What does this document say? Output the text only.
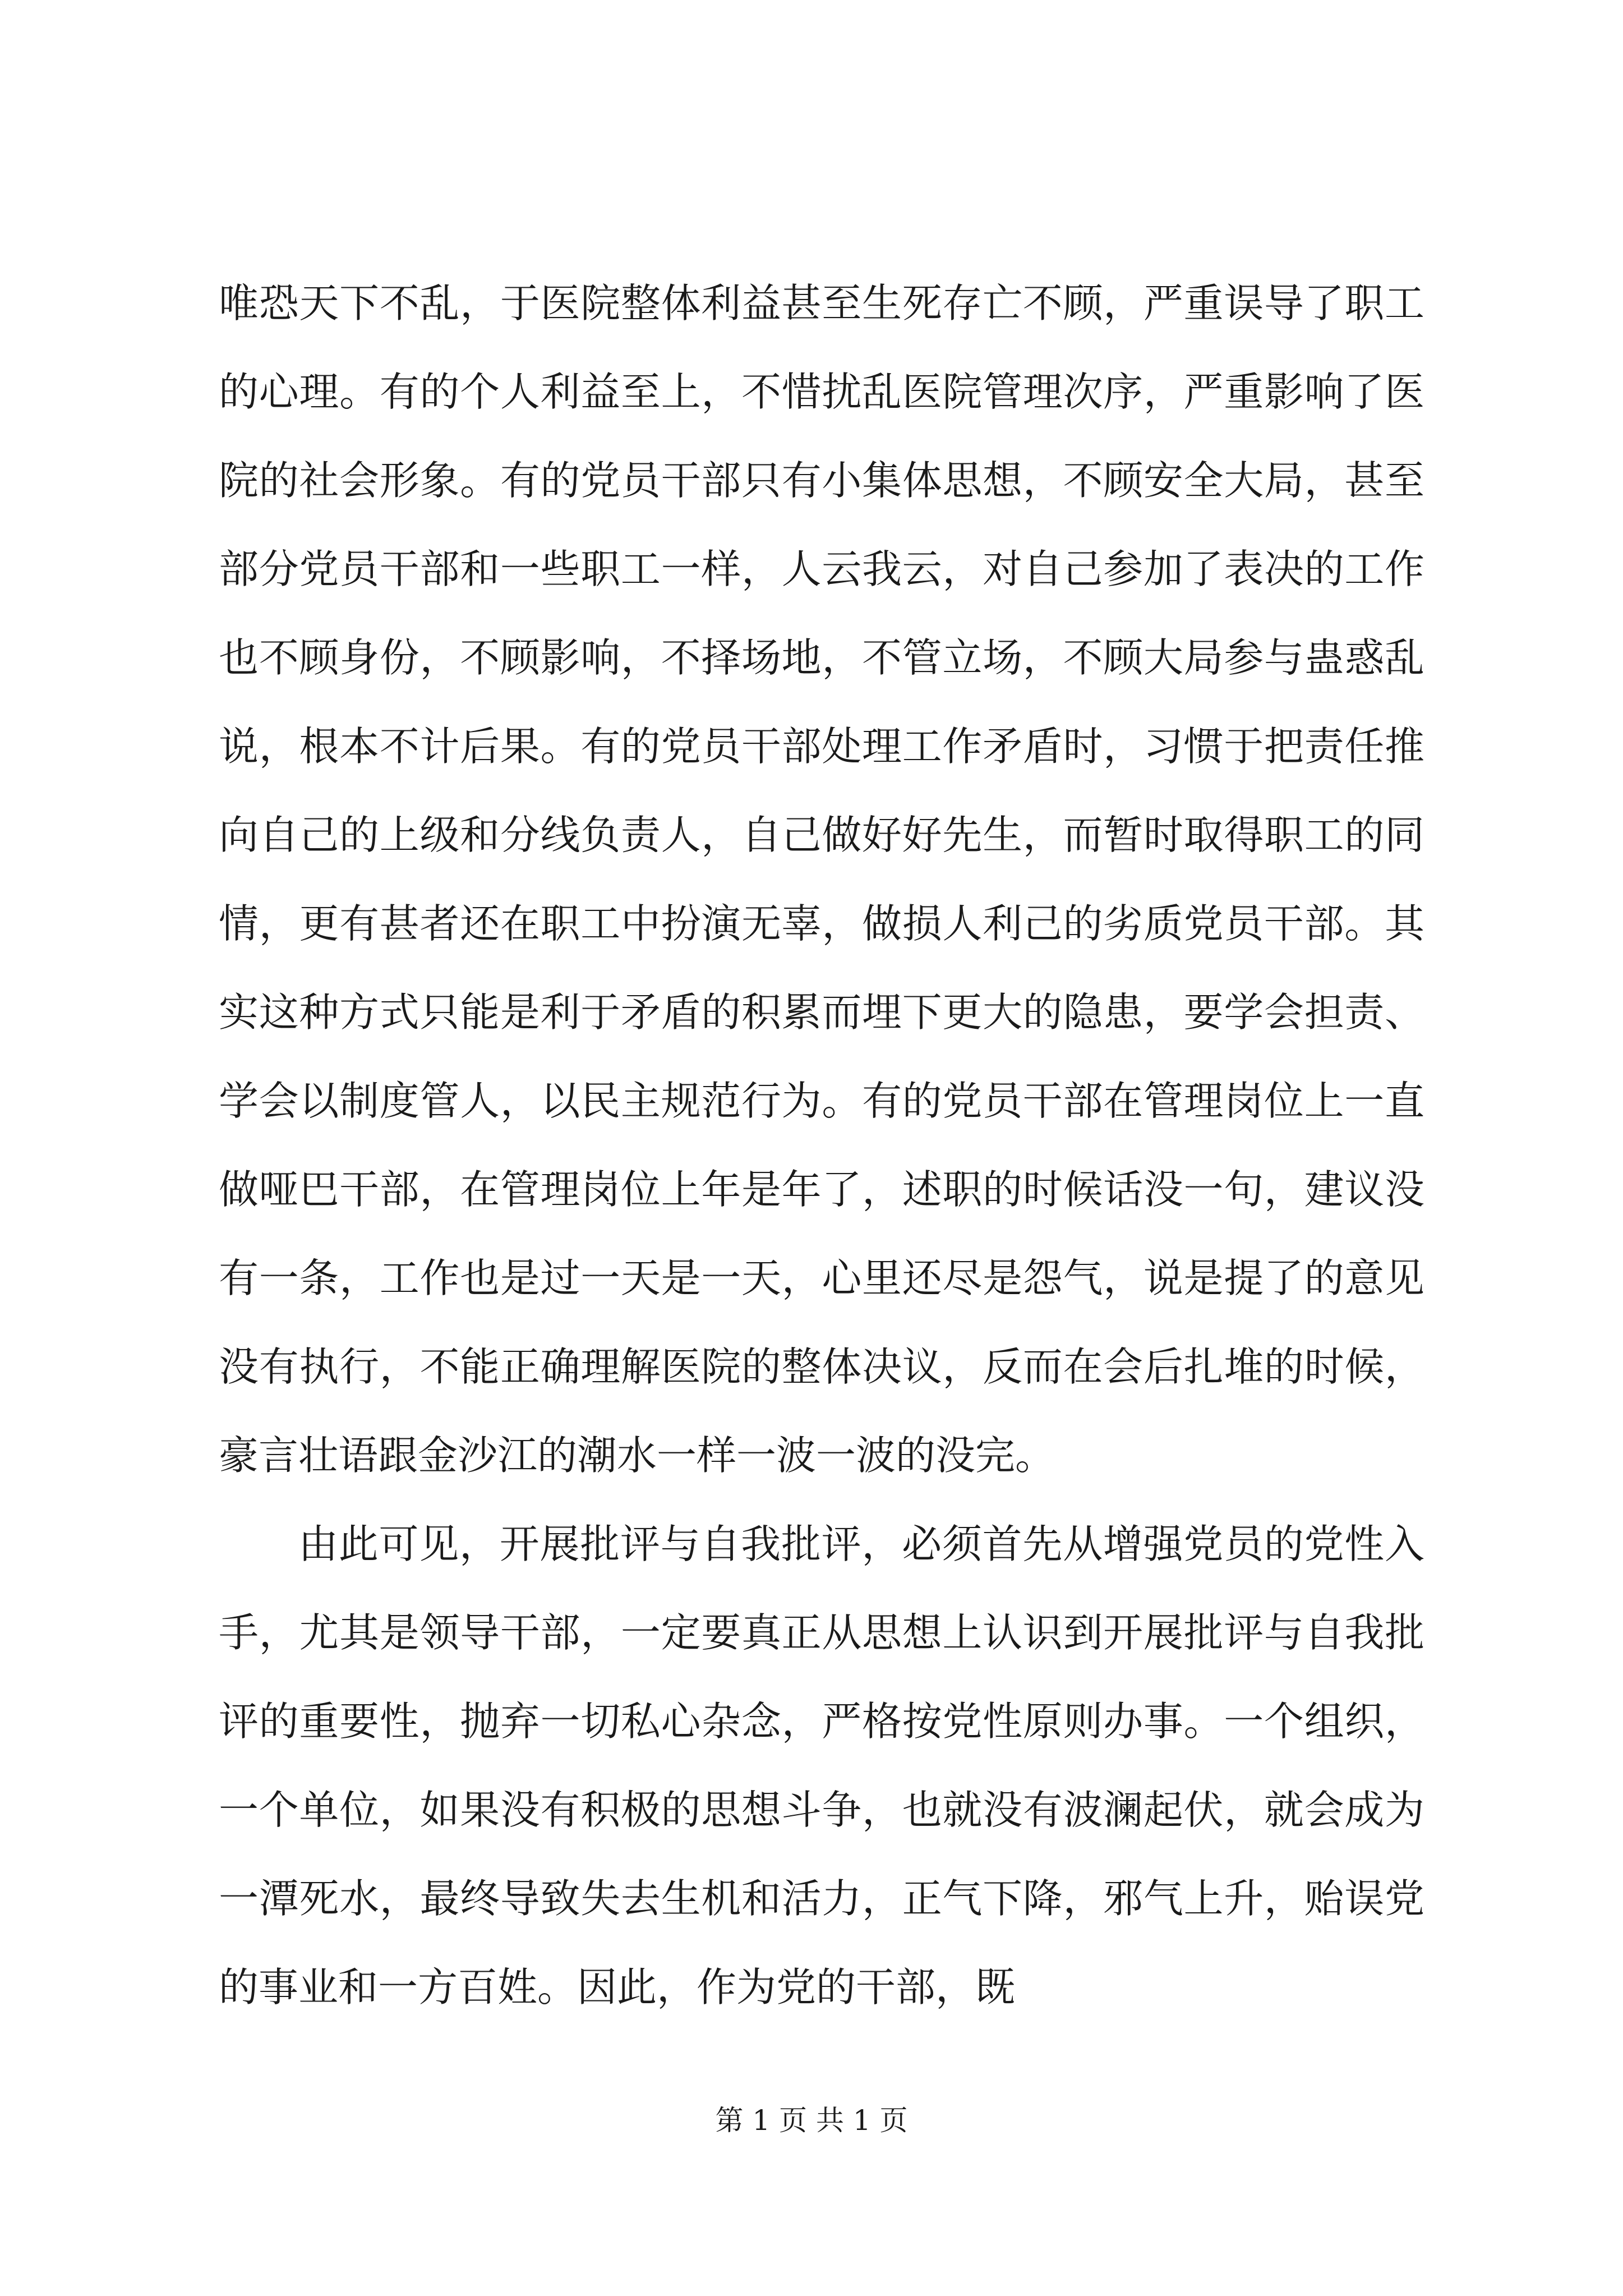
唯恐天下不乱，于医院整体利益甚至生死存亡不顾，严重误导了职工的心理。有的个人利益至上，不惜扰乱医院管理次序，严重影响了医院的社会形象。有的党员干部只有小集体思想，不顾安全大局，甚至部分党员干部和一些职工一样，人云我云，对自己参加了表决的工作也不顾身份，不顾影响，不择场地，不管立场，不顾大局参与蛊惑乱说，根本不计后果。有的党员干部处理工作矛盾时，习惯于把责任推向自己的上级和分线负责人，自己做好好先生，而暂时取得职工的同情，更有甚者还在职工中扮演无辜，做损人利己的劣质党员干部。其实这种方式只能是利于矛盾的积累而埋下更大的隐患，要学会担责、学会以制度管人，以民主规范行为。有的党员干部在管理岗位上一直做哑巴干部，在管理岗位上年是年了，述职的时候话没一句，建议没有一条，工作也是过一天是一天，心里还尽是怨气，说是提了的意见没有执行，不能正确理解医院的整体决议，反而在会后扎堆的时候，豪言壮语跟金沙江的潮水一样一波一波的没完。

由此可见，开展批评与自我批评，必须首先从增强党员的党性入手，尤其是领导干部，一定要真正从思想上认识到开展批评与自我批评的重要性，抛弃一切私心杂念，严格按党性原则办事。一个组织，一个单位，如果没有积极的思想斗争，也就没有波澜起伏，就会成为一潭死水，最终导致失去生机和活力，正气下降，邪气上升，贻误党的事业和一方百姓。因此，作为党的干部，既

第 1 页 共 1 页
